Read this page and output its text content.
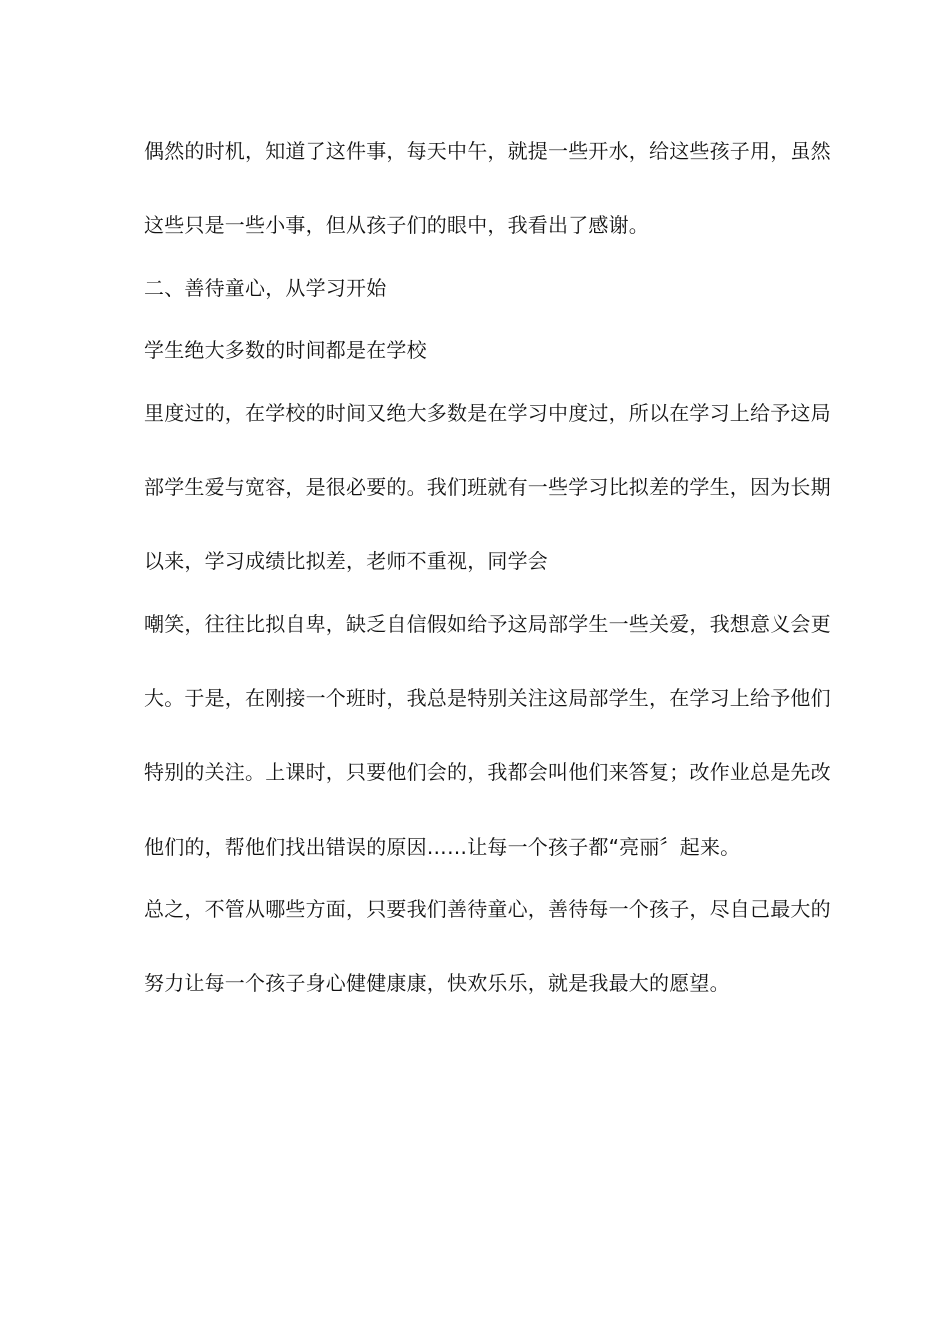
偶然的时机，知道了这件事，每天中午，就提一些开水，给这些孩子用，虽然
这些只是一些小事，但从孩子们的眼中，我看出了感谢。
二、善待童心，从学习开始
学生绝大多数的时间都是在学校
里度过的，在学校的时间又绝大多数是在学习中度过，所以在学习上给予这局
部学生爱与宽容，是很必要的。我们班就有一些学习比拟差的学生，因为长期
以来，学习成绩比拟差，老师不重视，同学会
嘲笑，往往比拟自卑，缺乏自信假如给予这局部学生一些关爱，我想意义会更
大。于是，在刚接一个班时，我总是特别关注这局部学生，在学习上给予他们
特别的关注。上课时，只要他们会的，我都会叫他们来答复；改作业总是先改
他们的，帮他们找出错误的原因……让每一个孩子都“亮丽〞起来。
总之，不管从哪些方面，只要我们善待童心，善待每一个孩子，尽自己最大的
努力让每一个孩子身心健健康康，快欢乐乐，就是我最大的愿望。
